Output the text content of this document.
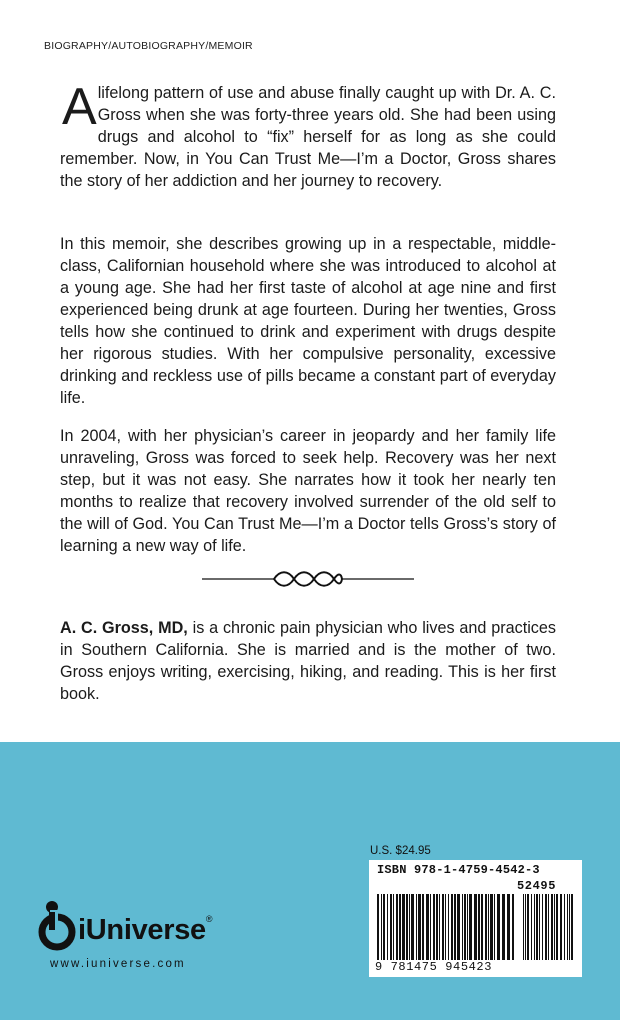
BIOGRAPHY/AUTOBIOGRAPHY/MEMOIR
Alifelong pattern of use and abuse finally caught up with Dr. A. C. Gross when she was forty-three years old. She had been using drugs and alcohol to “fix” herself for as long as she could remember. Now, in You Can Trust Me—I’m a Doctor, Gross shares the story of her addiction and her journey to recovery.
In this memoir, she describes growing up in a respectable, middle-class, Californian household where she was introduced to alcohol at a young age. She had her first taste of alcohol at age nine and first experienced being drunk at age fourteen. During her twenties, Gross tells how she continued to drink and experiment with drugs despite her rigorous studies. With her compulsive personality, excessive drinking and reckless use of pills became a constant part of everyday life.
In 2004, with her physician’s career in jeopardy and her family life unraveling, Gross was forced to seek help. Recovery was her next step, but it was not easy. She narrates how it took her nearly ten months to realize that recovery involved surrender of the old self to the will of God. You Can Trust Me—I’m a Doctor tells Gross’s story of learning a new way of life.
A. C. Gross, MD, is a chronic pain physician who lives and practices in Southern California. She is married and is the mother of two. Gross enjoys writing, exercising, hiking, and reading. This is her first book.
iUniverse®
www.iuniverse.com
U.S. $24.95
ISBN 978-1-4759-4542-3
52495
9 781475 945423
